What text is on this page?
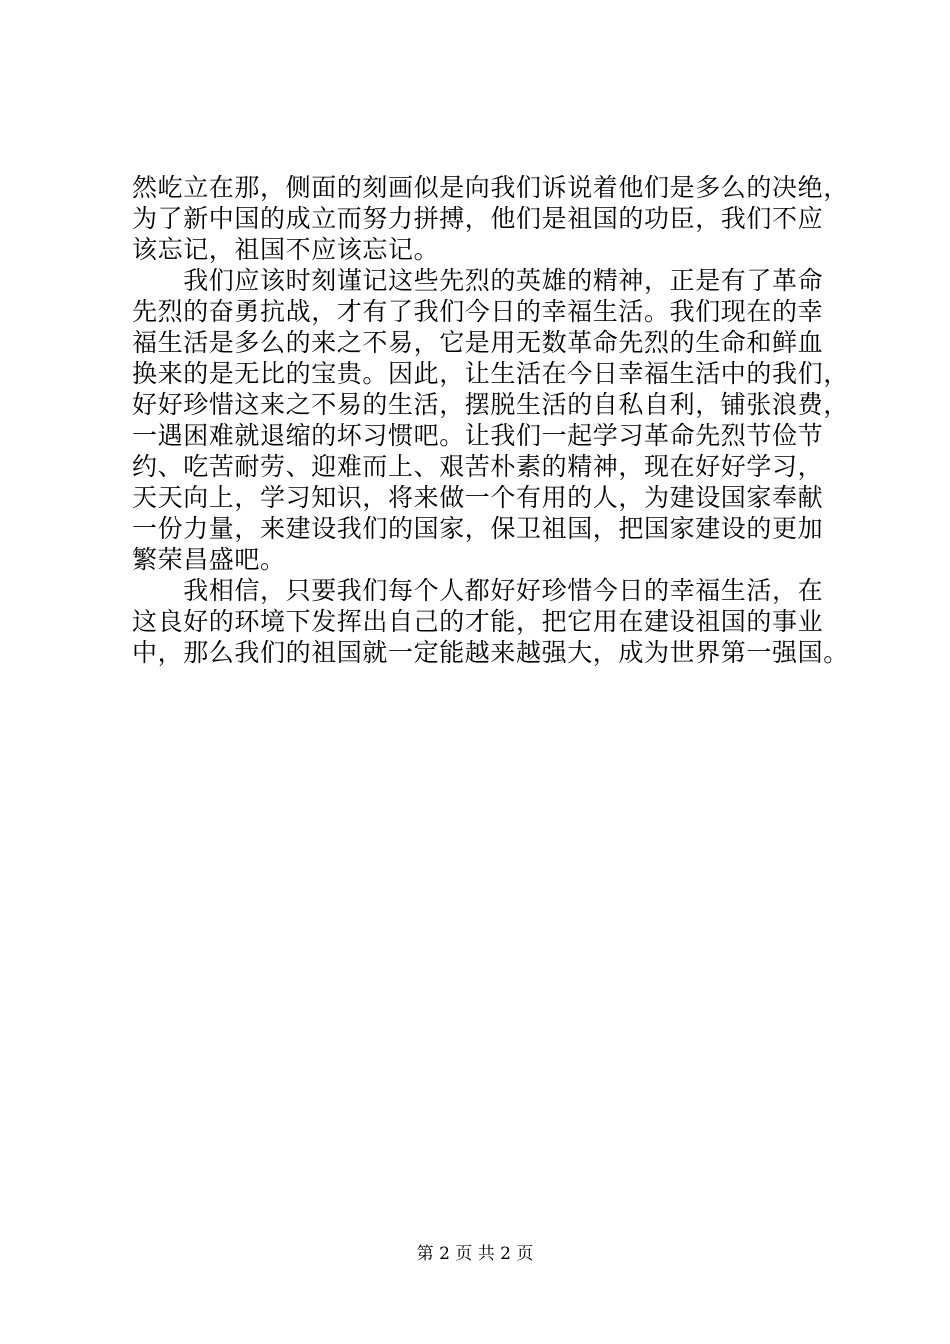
然屹立在那，侧面的刻画似是向我们诉说着他们是多么的决绝，
为了新中国的成立而努力拼搏，他们是祖国的功臣，我们不应
该忘记，祖国不应该忘记。
　　我们应该时刻谨记这些先烈的英雄的精神，正是有了革命
先烈的奋勇抗战，才有了我们今日的幸福生活。我们现在的幸
福生活是多么的来之不易，它是用无数革命先烈的生命和鲜血
换来的是无比的宝贵。因此，让生活在今日幸福生活中的我们，
好好珍惜这来之不易的生活，摆脱生活的自私自利，铺张浪费，
一遇困难就退缩的坏习惯吧。让我们一起学习革命先烈节俭节
约、吃苦耐劳、迎难而上、艰苦朴素的精神，现在好好学习，
天天向上，学习知识，将来做一个有用的人，为建设国家奉献
一份力量，来建设我们的国家，保卫祖国，把国家建设的更加
繁荣昌盛吧。
　　我相信，只要我们每个人都好好珍惜今日的幸福生活，在
这良好的环境下发挥出自己的才能，把它用在建设祖国的事业
中，那么我们的祖国就一定能越来越强大，成为世界第一强国。
第 2 页 共 2 页
